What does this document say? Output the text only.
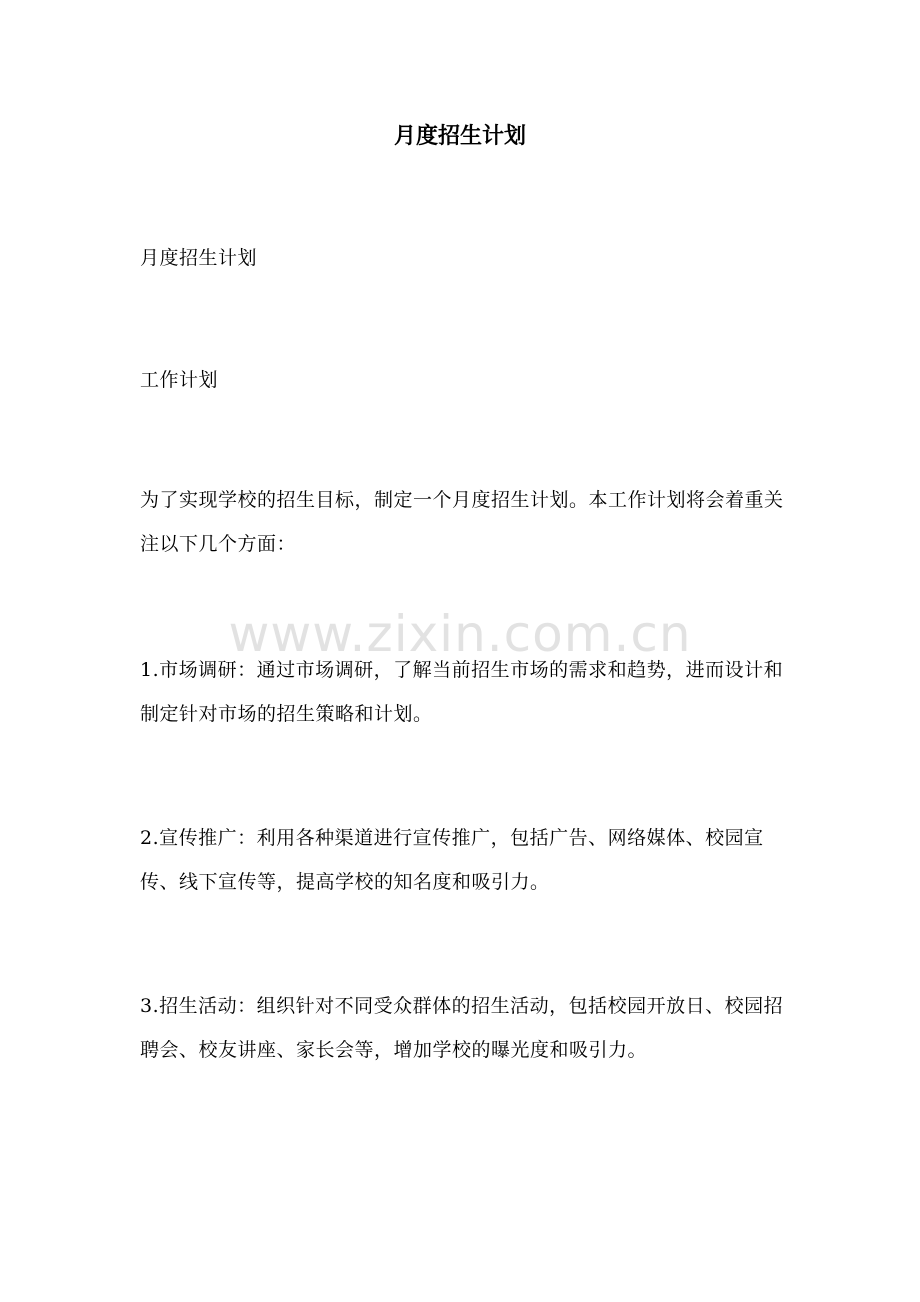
月度招生计划

月度招生计划

工作计划

为了实现学校的招生目标，制定一个月度招生计划。本工作计划将会着重关注以下几个方面：

1.市场调研：通过市场调研，了解当前招生市场的需求和趋势，进而设计和制定针对市场的招生策略和计划。

2.宣传推广：利用各种渠道进行宣传推广，包括广告、网络媒体、校园宣传、线下宣传等，提高学校的知名度和吸引力。

3.招生活动：组织针对不同受众群体的招生活动，包括校园开放日、校园招聘会、校友讲座、家长会等，增加学校的曝光度和吸引力。

www.zixin.com.cn
